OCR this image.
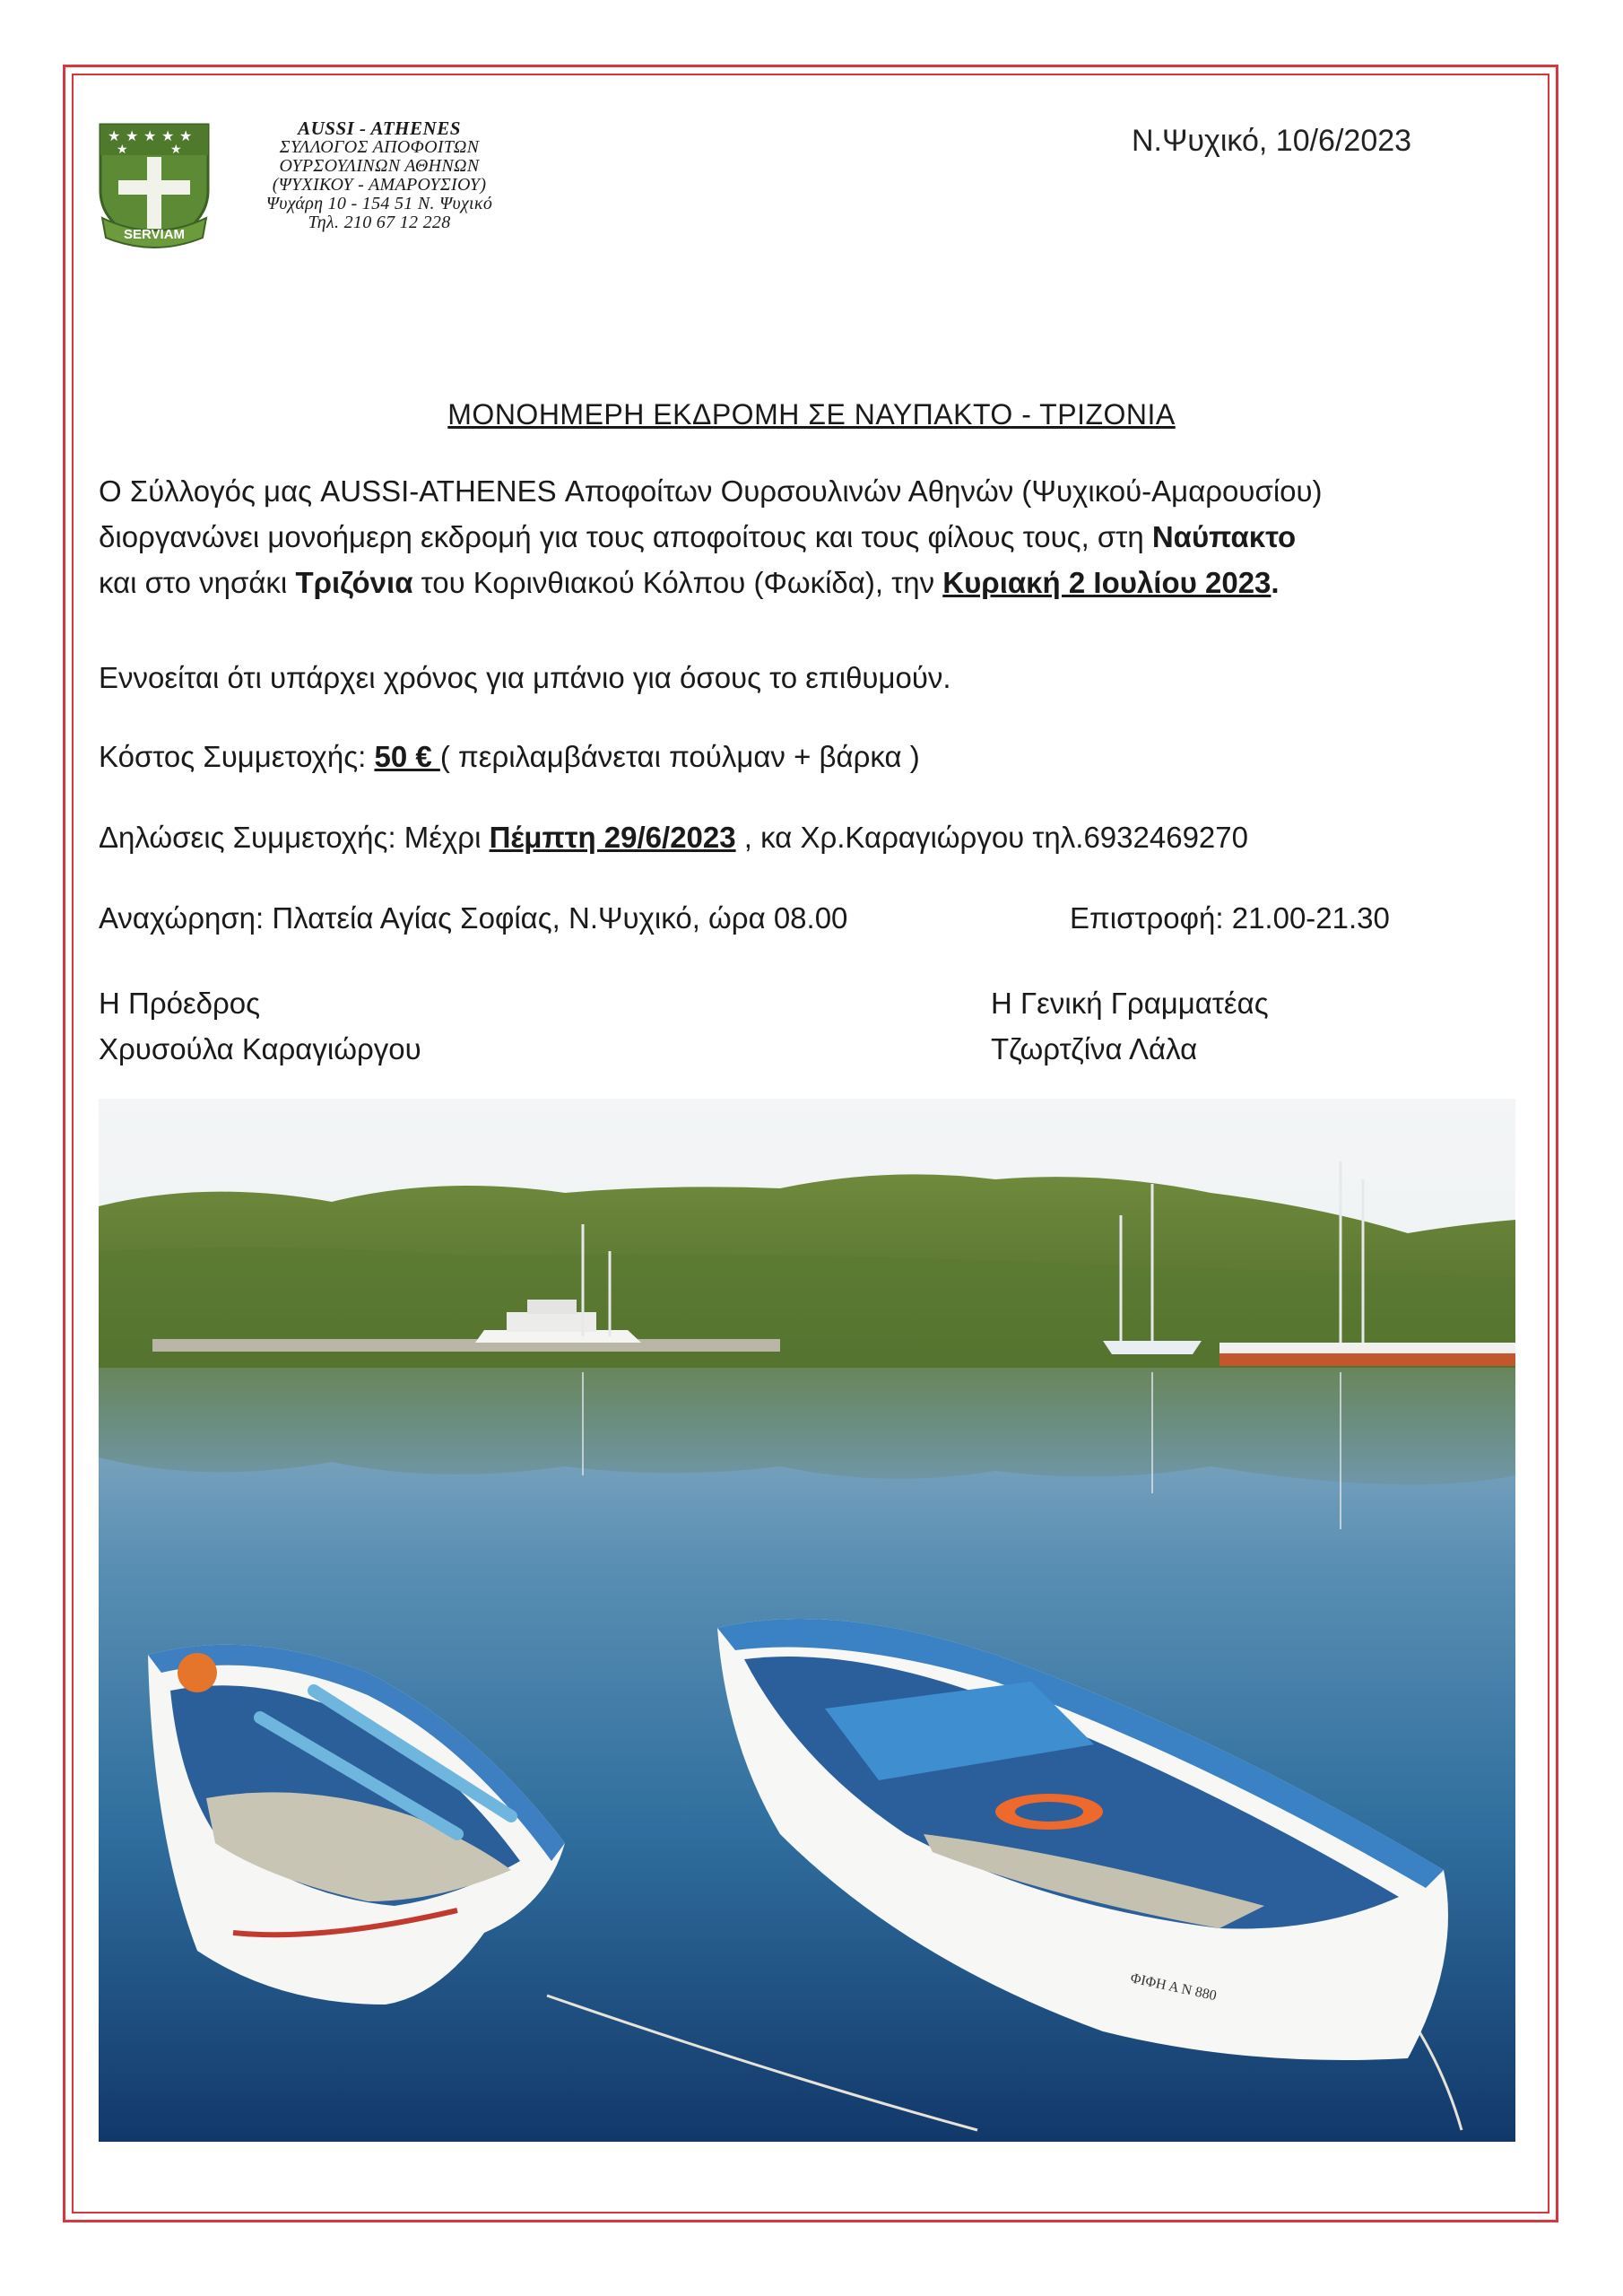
★ ★ ★ ★ ★
★	★
SERVIAM
AUSSI - ATHENES
ΣΥΛΛΟΓΟΣ ΑΠΟΦΟΙΤΩΝ
ΟΥΡΣΟΥΛΙΝΩΝ ΑΘΗΝΩΝ
(ΨΥΧΙΚΟΥ - ΑΜΑΡΟΥΣΙΟΥ)
Ψυχάρη 10 - 154 51 Ν. Ψυχικό
Τηλ. 210 67 12 228
Ν.Ψυχικό, 10/6/2023
ΜΟΝΟΗΜΕΡΗ ΕΚΔΡΟΜΗ ΣΕ ΝΑΥΠΑΚΤΟ - ΤΡΙΖΟΝΙΑ
Ο Σύλλογός μας AUSSI-ATHENES Αποφοίτων Ουρσουλινών Αθηνών (Ψυχικού-Αμαρουσίου)
διοργανώνει μονοήμερη εκδρομή για τους αποφοίτους και τους φίλους τους, στη Ναύπακτο
και στο νησάκι Τριζόνια του Κορινθιακού Κόλπου (Φωκίδα), την Κυριακή 2 Ιουλίου 2023.
Εννοείται ότι υπάρχει χρόνος για μπάνιο για όσους το επιθυμούν.
Κόστος Συμμετοχής: 50 € ( περιλαμβάνεται πούλμαν + βάρκα )
Δηλώσεις Συμμετοχής: Μέχρι Πέμπτη 29/6/2023 , κα Χρ.Καραγιώργου τηλ.6932469270
Αναχώρηση: Πλατεία Αγίας Σοφίας, Ν.Ψυχικό, ώρα 08.00	Επιστροφή: 21.00-21.30
Η Πρόεδρος
Χρυσούλα Καραγιώργου
Η Γενική Γραμματέας
Τζωρτζίνα Λάλα
ΦΙΦΗ Α Ν 880
